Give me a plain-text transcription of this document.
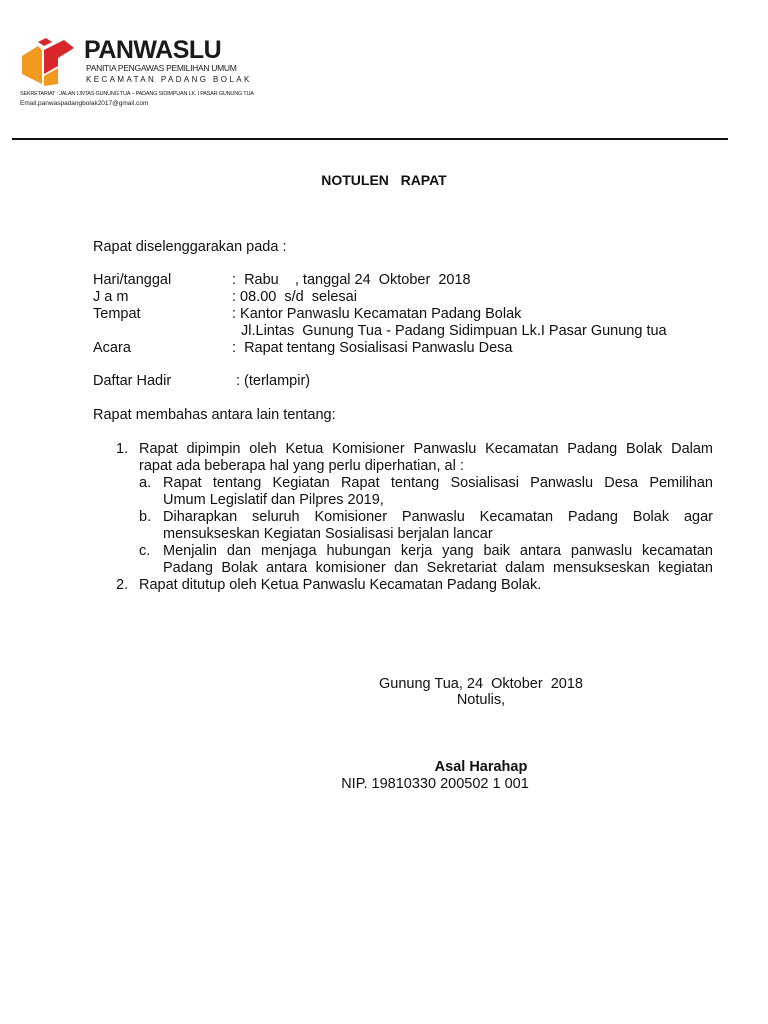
PANWASLU
PANITIA PENGAWAS PEMILIHAN UMUM
KECAMATAN PADANG BOLAK
SEKRETARIAT : JALAN LINTAS GUNUNG TUA – PADANG SIDIMPUAN LK. I PASAR GUNUNG TUA
Email.panwaspadangbolak2017@gmail.com
NOTULEN   RAPAT
Rapat diselenggarakan pada :
Hari/tanggal	:  Rabu    , tanggal 24  Oktober  2018
J a m	: 08.00  s/d  selesai
Tempat	: Kantor Panwaslu Kecamatan Padang Bolak
Jl.Lintas  Gunung Tua - Padang Sidimpuan Lk.I Pasar Gunung tua
Acara	:  Rapat tentang Sosialisasi Panwaslu Desa
Daftar Hadir	: (terlampir)
Rapat membahas antara lain tentang:
1. Rapat dipimpin oleh Ketua Komisioner Panwaslu Kecamatan Padang Bolak Dalam
rapat ada beberapa hal yang perlu diperhatian, al :
a. Rapat tentang Kegiatan Rapat tentang Sosialisasi Panwaslu Desa Pemilihan
Umum Legislatif dan Pilpres 2019,
b. Diharapkan seluruh Komisioner Panwaslu Kecamatan Padang Bolak agar
mensukseskan Kegiatan Sosialisasi berjalan lancar
c. Menjalin dan menjaga hubungan kerja yang baik antara panwaslu kecamatan
Padang Bolak antara komisioner dan Sekretariat dalam mensukseskan kegiatan
2. Rapat ditutup oleh Ketua Panwaslu Kecamatan Padang Bolak.
Gunung Tua, 24  Oktober  2018
Notulis,
Asal Harahap
NIP. 19810330 200502 1 001
